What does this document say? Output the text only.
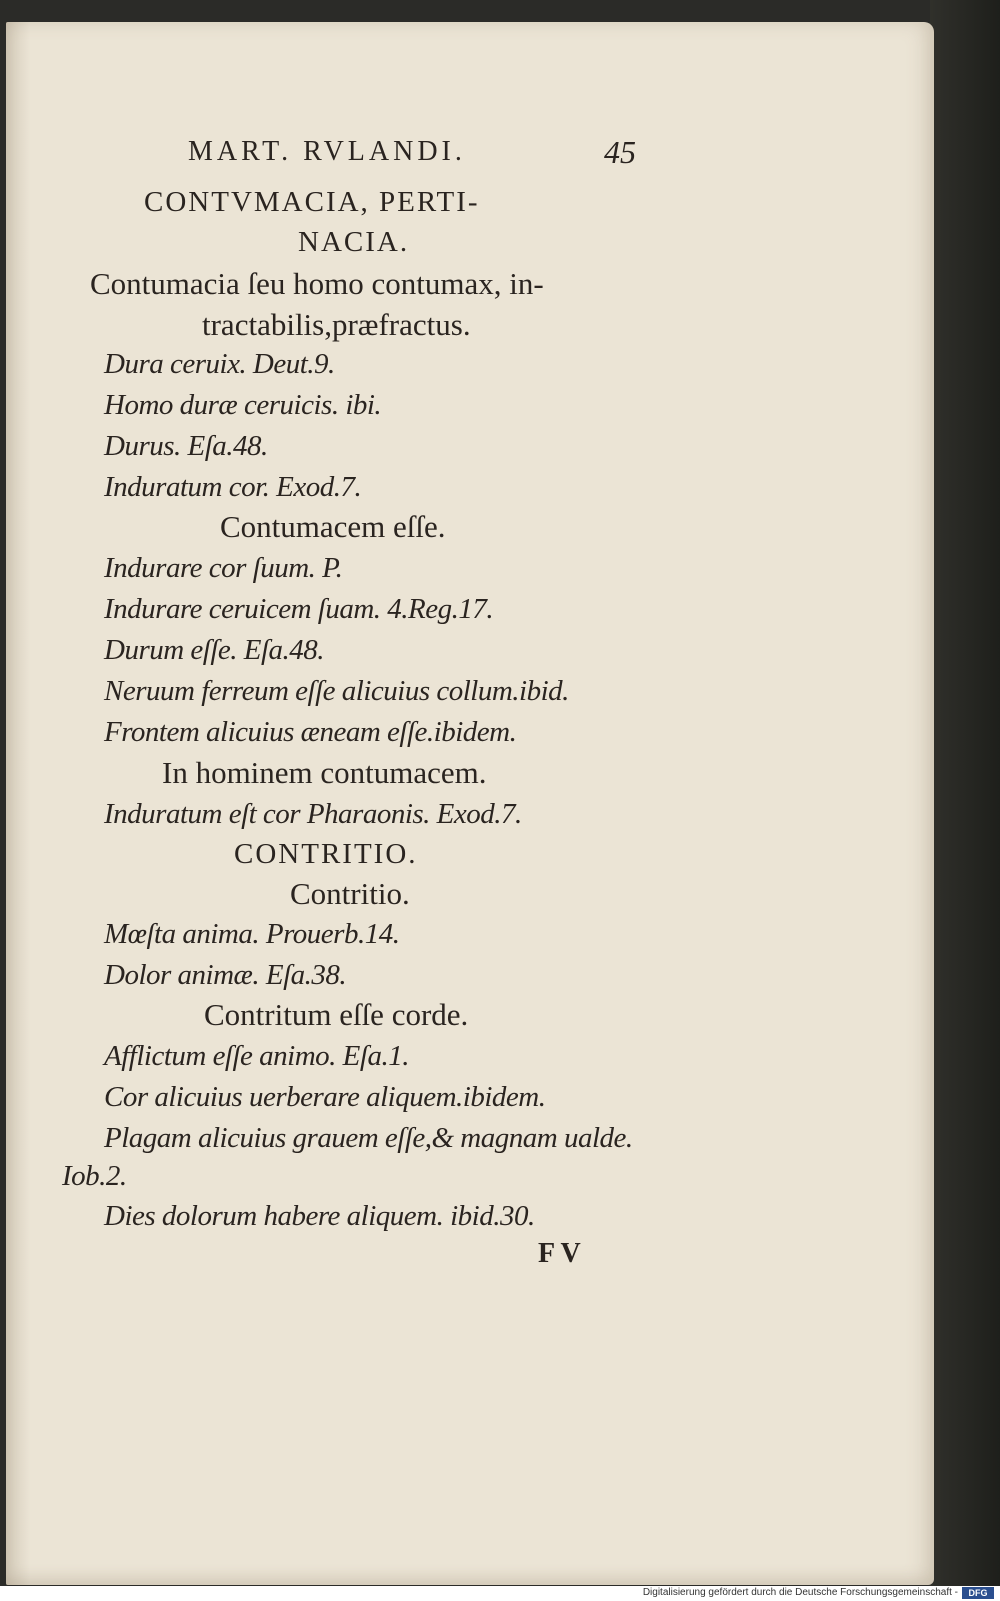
MART. RVLANDI.	45
CONTVMACIA, PERTI-
NACIA.
Contumacia ſeu homo contumax, in-
tractabilis,præfractus.
Dura ceruix. Deut.9.
Homo duræ ceruicis. ibi.
Durus. Eſa.48.
Induratum cor. Exod.7.
Contumacem eſſe.
Indurare cor ſuum. P.
Indurare ceruicem ſuam. 4.Reg.17.
Durum eſſe. Eſa.48.
Neruum ferreum eſſe alicuius collum.ibid.
Frontem alicuius æneam eſſe.ibidem.
In hominem contumacem.
Induratum eſt cor Pharaonis. Exod.7.
CONTRITIO.
Contritio.
Mœſta anima. Prouerb.14.
Dolor animæ. Eſa.38.
Contritum eſſe corde.
Afflictum eſſe animo. Eſa.1.
Cor alicuius uerberare aliquem.ibidem.
Plagam alicuius grauem eſſe,& magnam ualde.
Iob.2.
Dies dolorum habere aliquem. ibid.30.
F V
Digitalisierung gefördert durch die Deutsche Forschungsgemeinschaft -	DFG
